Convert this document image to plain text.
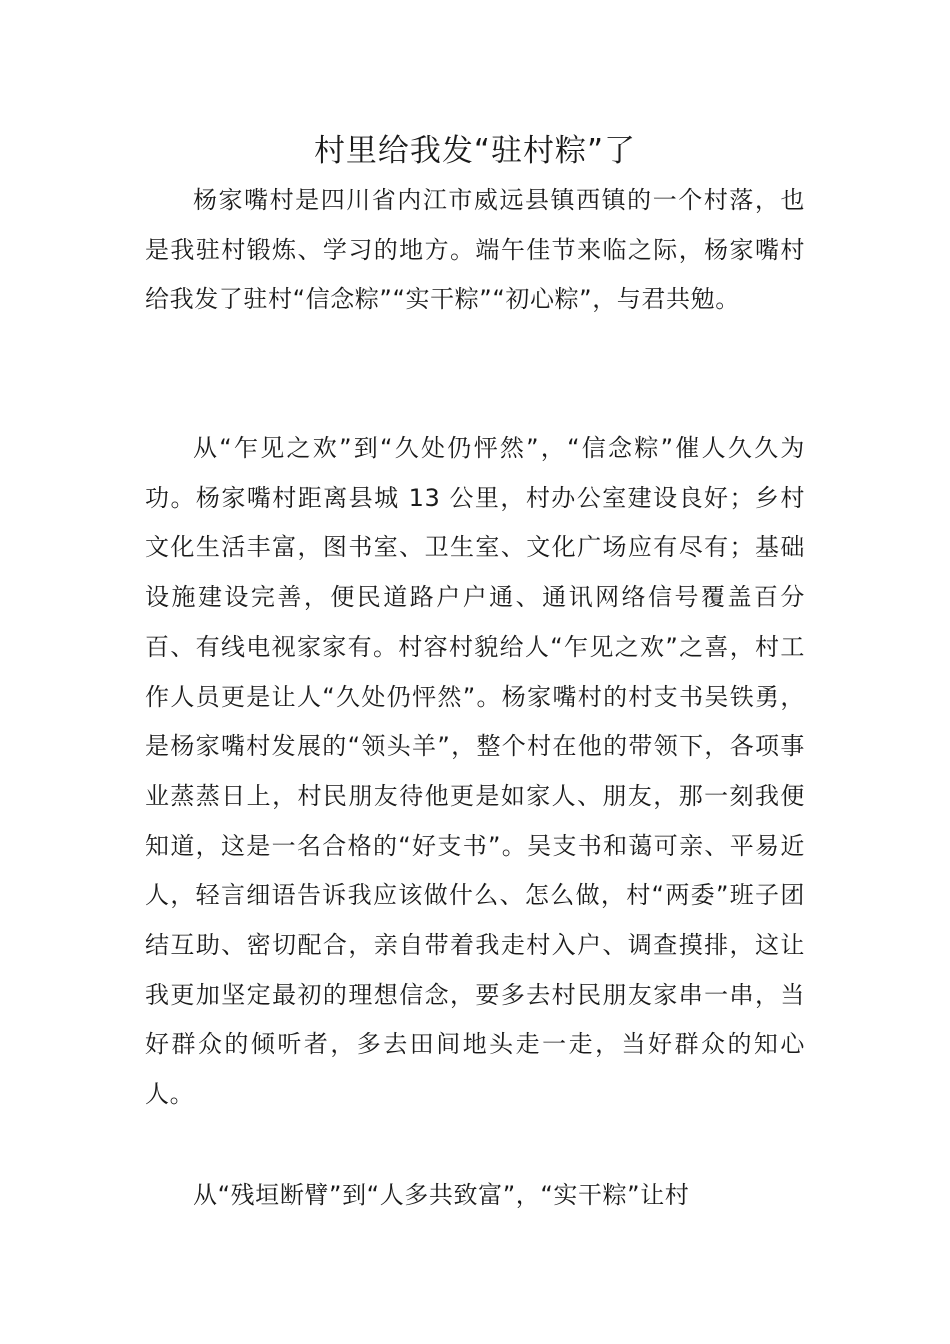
村里给我发“驻村粽”了

杨家嘴村是四川省内江市威远县镇西镇的一个村落，也是我驻村锻炼、学习的地方。端午佳节来临之际，杨家嘴村给我发了驻村“信念粽”“实干粽”“初心粽”，与君共勉。

从“乍见之欢”到“久处仍怦然”，“信念粽”催人久久为功。杨家嘴村距离县城 13 公里，村办公室建设良好；乡村文化生活丰富，图书室、卫生室、文化广场应有尽有；基础设施建设完善，便民道路户户通、通讯网络信号覆盖百分百、有线电视家家有。村容村貌给人“乍见之欢”之喜，村工作人员更是让人“久处仍怦然”。杨家嘴村的村支书吴铁勇，是杨家嘴村发展的“领头羊”，整个村在他的带领下，各项事业蒸蒸日上，村民朋友待他更是如家人、朋友，那一刻我便知道，这是一名合格的“好支书”。吴支书和蔼可亲、平易近人，轻言细语告诉我应该做什么、怎么做，村“两委”班子团结互助、密切配合，亲自带着我走村入户、调查摸排，这让我更加坚定最初的理想信念，要多去村民朋友家串一串，当好群众的倾听者，多去田间地头走一走，当好群众的知心人。

从“残垣断臂”到“人多共致富”，“实干粽”让村
